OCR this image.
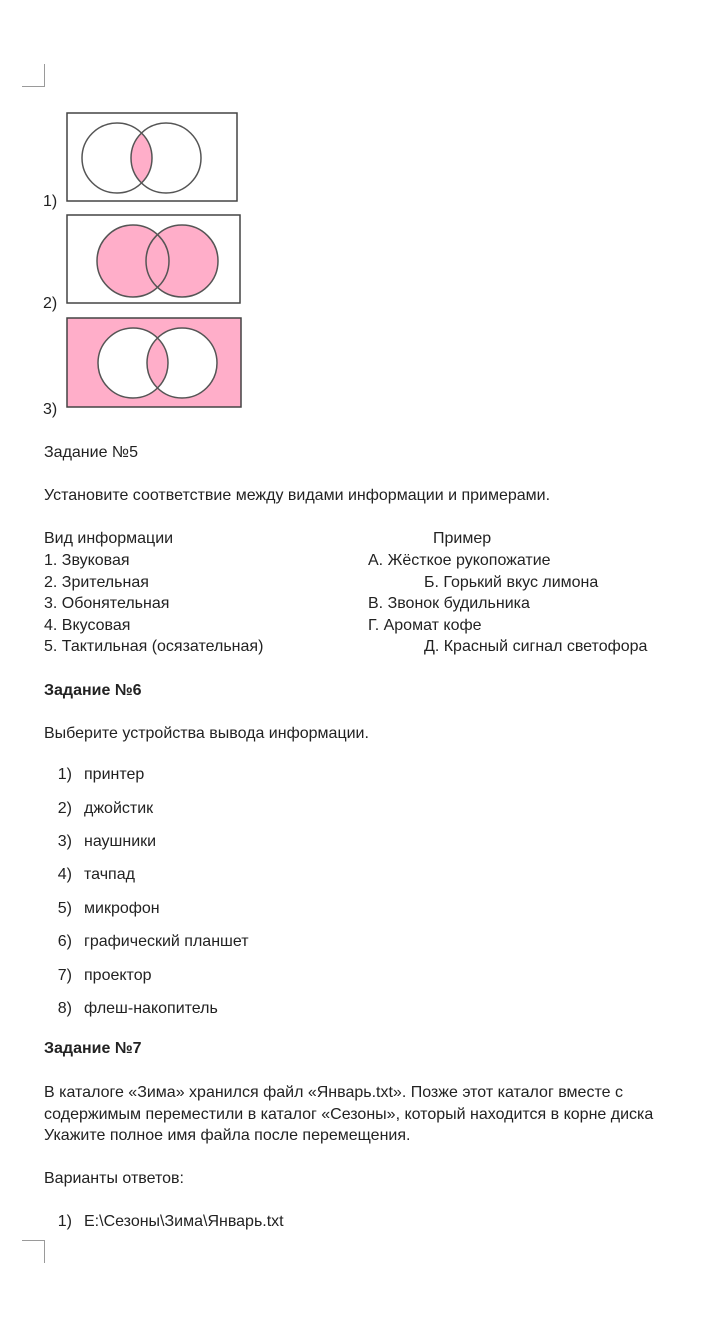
1)
2)
3)
Задание №5
Установите соответствие между видами информации и примерами.
Вид информации	Пример
1. Звуковая
2. Зрительная
3. Обонятельная
4. Вкусовая
5. Тактильная (осязательная)
А. Жёсткое рукопожатие
Б. Горький вкус лимона
В. Звонок будильника
Г. Аромат кофе
Д. Красный сигнал светофора
Задание №6
Выберите устройства вывода информации.
1) принтер
2) джойстик
3) наушники
4) тачпад
5) микрофон
6) графический планшет
7) проектор
8) флеш-накопитель
Задание №7
В каталоге «Зима» хранился файл «Январь.txt». Позже этот каталог вместе с
содержимым переместили в каталог «Сезоны», который находится в корне диска
Укажите полное имя файла после перемещения.
Варианты ответов:
1) E:\Сезоны\Зима\Январь.txt
